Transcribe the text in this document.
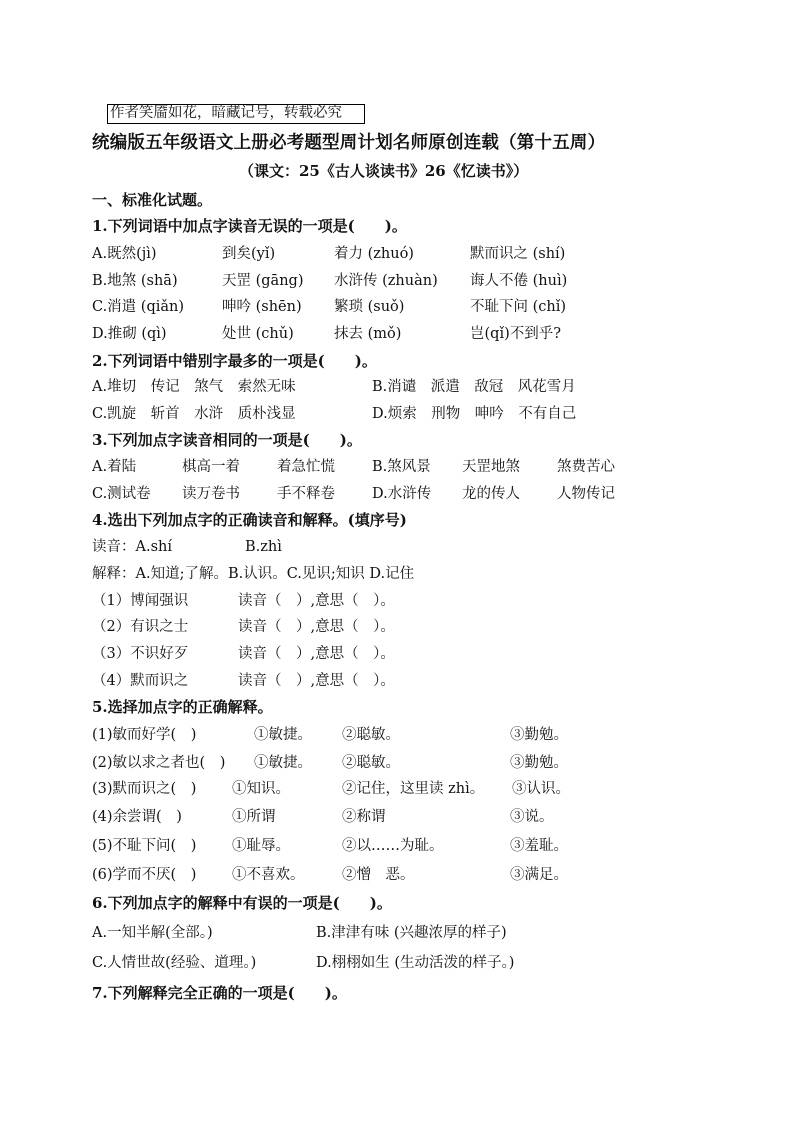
作者笑靥如花，暗藏记号，转载必究
统编版五年级语文上册必考题型周计划名师原创连载（第十五周）
（课文：25《古人谈读书》26《忆读书》）
一、标准化试题。
1.下列词语中加点字读音无误的一项是(　　)。
A.既然(jì)	到矣(yǐ)	着力 (zhuó)	默而识之 (shí)
B.地煞 (shā)	天罡 (gāng) 水浒传 (zhuàn) 诲人不倦 (huì)
C.消遣 (qiǎn)	呻吟 (shēn) 繁琐 (suǒ)	不耻下问 (chǐ)
D.推砌 (qì)	处世 (chǔ)	抹去 (mǒ)	岂(qǐ)不到乎?
2.下列词语中错别字最多的一项是(　　)。
A.堆切　传记　煞气　索然无味	B.消谴　派遣　敌冠　风花雪月
C.凯旋　斩首　水浒　质朴浅显	D.烦索　刑物　呻吟　不有自己
3.下列加点字读音相同的一项是(　　)。
A.着陆	棋高一着	着急忙慌	B.煞风景 天罡地煞	煞费苦心
C.测试卷 读万卷书	手不释卷	D.水浒传 龙的传人	人物传记
4.选出下列加点字的正确读音和解释。(填序号)
读音：A.shí	B.zhì
解释：A.知道;了解。B.认识。C.见识;知识 D.记住
（1）博闻强识	读音（　）,意思（　）。
（2）有识之士	读音（　）,意思（　）。
（3）不识好歹	读音（　）,意思（　）。
（4）默而识之	读音（　）,意思（　）。
5.选择加点字的正确解释。
(1)敏而好学(　)	①敏捷。 ②聪敏。	③勤勉。
(2)敏以求之者也(　) ①敏捷。 ②聪敏。	③勤勉。
(3)默而识之(　) ①知识。	②记住，这里读 zhì。 ③认识。
(4)余尝谓(　)	①所谓	②称谓	③说。
(5)不耻下问(　) ①耻辱。	②以……为耻。	③羞耻。
(6)学而不厌(　) ①不喜欢。	②憎　恶。	③满足。
6.下列加点字的解释中有误的一项是(　　)。
A.一知半解(全部。)	B.津津有味 (兴趣浓厚的样子)
C.人情世故(经验、道理。)	D.栩栩如生 (生动活泼的样子。)
7.下列解释完全正确的一项是(　　)。
